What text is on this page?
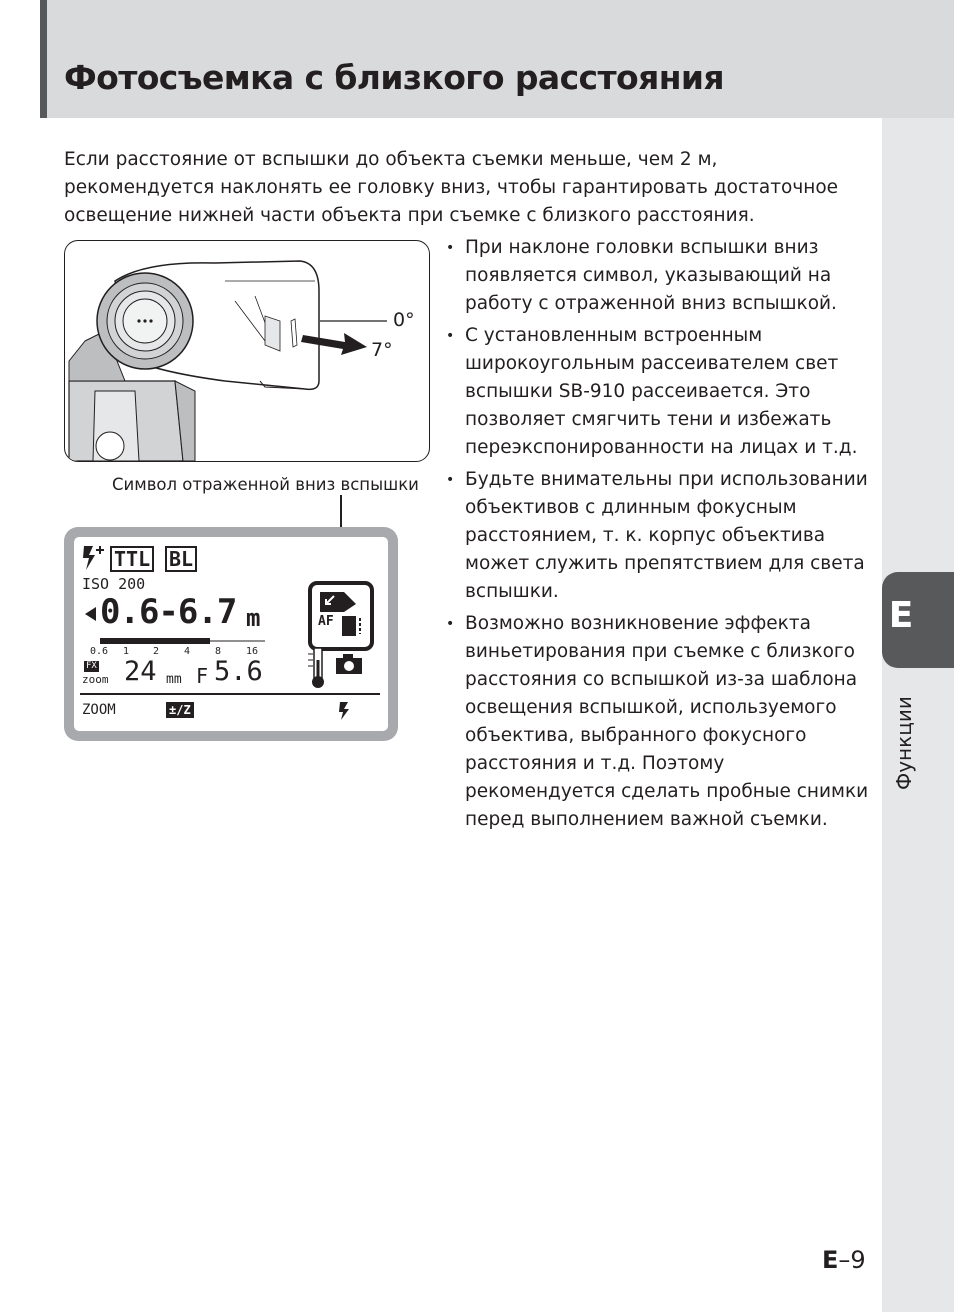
Фотосъемка с близкого расстояния
E
Функции

Если расстояние от вспышки до объекта съемки меньше, чем 2 м, рекомендуется наклонять ее головку вниз, чтобы гарантировать достаточное освещение нижней части объекта при съемке с близкого расстояния.

0°
7°
Символ отраженной вниз вспышки
TTL BL
ISO 200
0.6-6.7 m
0.6 1 2 4 8 16
FX
zoom 24 mm F 5.6
AF
ZOOM	±/Z
• При наклоне головки вспышки вниз появляется символ, указывающий на работу с отраженной вниз вспышкой.
• С установленным встроенным широкоугольным рассеивателем свет вспышки SB-910 рассеивается. Это позволяет смягчить тени и избежать переэкспонированности на лицах и т.д.
• Будьте внимательны при использовании объективов с длинным фокусным расстоянием, т. к. корпус объектива может служить препятствием для света вспышки.
• Возможно возникновение эффекта виньетирования при съемке с близкого расстояния со вспышкой из-за шаблона освещения вспышкой, используемого объектива, выбранного фокусного расстояния и т.д. Поэтому рекомендуется сделать пробные снимки перед выполнением важной съемки.
E–9
